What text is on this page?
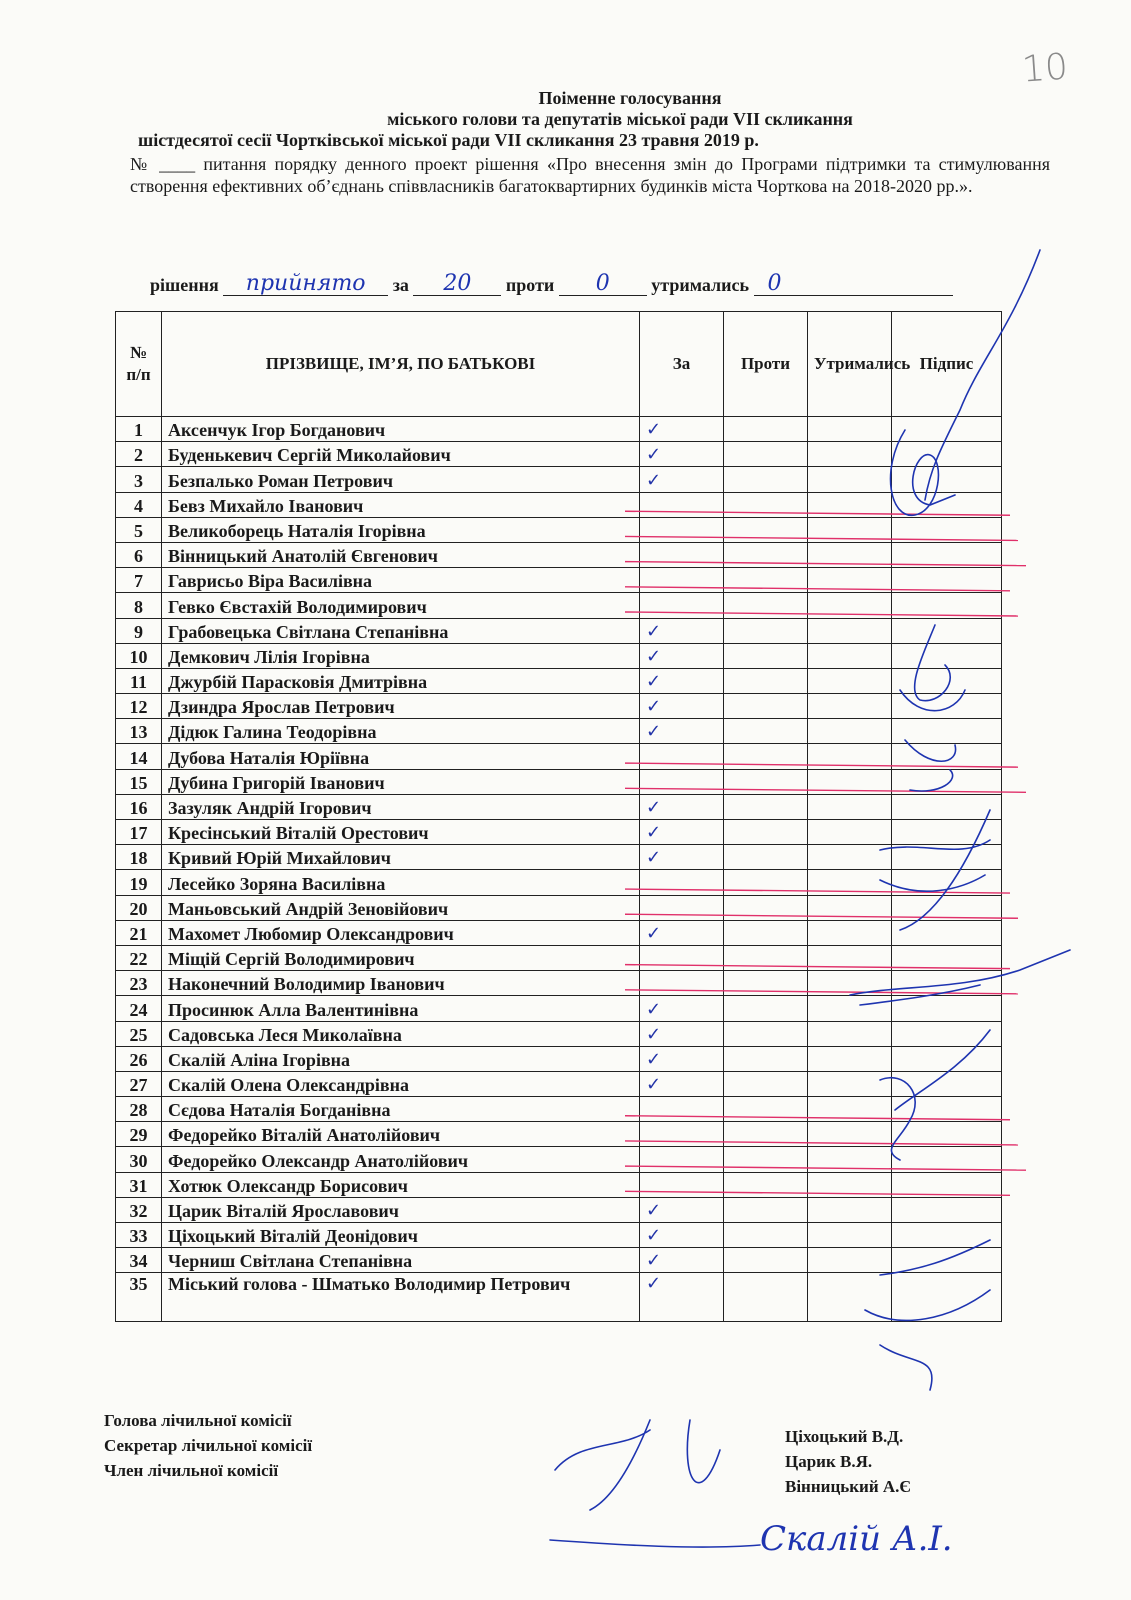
10
Поіменне голосування
міського голови та депутатів міської ради VII скликання
шістдесятої сесії Чортківської міської ради VII скликання 23 травня 2019 р.
№ ____ питання порядку денного проект рішення «Про внесення змін до Програми підтримки та стимулювання створення ефективних об’єднань співвласників багатоквартирних будинків міста Чорткова на 2018-2020 рр.».
рішення прийнято за 20 проти 0 утримались 0
№ п/п	ПРІЗВИЩЕ, ІМ’Я, ПО БАТЬКОВІ	За	Проти	Утримались	Підпис
1	Аксенчук Ігор Богданович	✓			
2	Буденькевич Сергій Миколайович	✓			
3	Безпалько Роман Петрович	✓			
4	Бевз Михайло Іванович				
5	Великоборець Наталія Ігорівна				
6	Вінницький Анатолій Євгенович				
7	Гаврисьо Віра Василівна				
8	Гевко Євстахій Володимирович				
9	Грабовецька Світлана Степанівна	✓			
10	Демкович Лілія Ігорівна	✓			
11	Джурбій Парасковія Дмитрівна	✓			
12	Дзиндра Ярослав Петрович	✓			
13	Дідюк Галина Теодорівна	✓			
14	Дубова Наталія Юріївна				
15	Дубина Григорій Іванович				
16	Зазуляк Андрій Ігорович	✓			
17	Кресінський Віталій Орестович	✓			
18	Кривий Юрій Михайлович	✓			
19	Лесейко Зоряна Василівна				
20	Маньовський Андрій Зеновійович				
21	Махомет Любомир Олександрович	✓			
22	Міщій Сергій Володимирович				
23	Наконечний Володимир Іванович				
24	Просинюк Алла Валентинівна	✓			
25	Садовська Леся Миколаївна	✓			
26	Скалій Аліна Ігорівна	✓			
27	Скалій Олена Олександрівна	✓			
28	Сєдова Наталія Богданівна				
29	Федорейко Віталій Анатолійович				
30	Федорейко Олександр Анатолійович				
31	Хотюк Олександр Борисович				
32	Царик Віталій Ярославович	✓			
33	Ціхоцький Віталій Деонідович	✓			
34	Черниш Світлана Степанівна	✓			
35	Міський голова - Шматько Володимир Петрович	✓			
Голова лічильної комісії
Секретар лічильної комісії
Член лічильної комісії
Ціхоцький В.Д.
Царик В.Я.
Вінницький А.Є
Скалій А.І.
